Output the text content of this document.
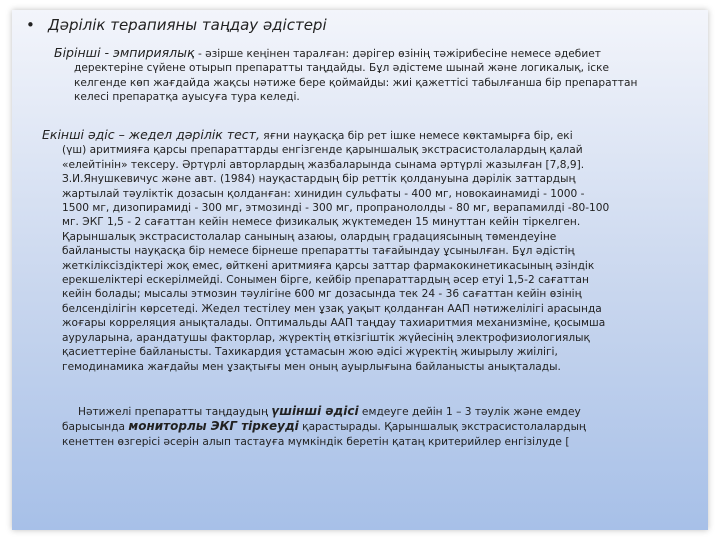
• Дәрілік терапияны таңдау әдістері
Бірінші - эмпириялық - әзірше кеңінен таралған: дәрігер өзінің тәжірибесіне немесе әдебиет
деректеріне сүйене отырып препаратты таңдайды. Бұл әдістеме шынай және логикалық, іске
келгенде көп жағдайда жақсы нәтиже бере қоймайды: жиі қажеттісі табылғанша бір препараттан
келесі препаратқа ауысуға тура келеді.
Екінші әдіс – жедел дәрілік тест, яғни науқасқа бір рет ішке немесе көктамырға бір, екі
(үш) аритмияға қарсы препараттарды енгізгенде қарыншалық экстрасистолалардың қалай
«елейтінін» тексеру. Әртүрлі авторлардың жазбаларында сынама әртүрлі жазылған [7,8,9].
З.И.Янушкевичус және авт. (1984) науқастардың бір реттік қолдануына дәрілік заттардың
жартылай тәуліктік дозасын қолданған: хинидин сульфаты - 400 мг, новокаинамиді - 1000 -
1500 мг, дизопирамиді - 300 мг, этмозинді - 300 мг, пропранололды - 80 мг, верапамилді -80-100
мг. ЭКГ 1,5 - 2 сағаттан кейін немесе физикалық жүктемеден 15 минуттан кейін тіркелген.
Қарыншалық экстрасистолалар санының азаюы, олардың градациясының төмендеуіне
байланысты науқасқа бір немесе бірнеше препаратты тағайындау ұсынылған. Бұл әдістің
жеткіліксіздіктері жоқ емес, өйткені аритмияға қарсы заттар фармакокинетикасының әзіндік
ерекшеліктері ескерілмейді. Сонымен бірге, кейбір препараттардың әсер етуі 1,5-2 сағаттан
кейін болады; мысалы этмозин тәулігіне 600 мг дозасында тек 24 - 36 сағаттан кейін өзінің
белсенділігін көрсетеді. Жедел тестілеу мен ұзақ уақыт қолданған ААП нәтижелілігі арасында
жоғары корреляция анықталады. Оптимальды ААП таңдау тахиаритмия механизміне, қосымша
ауруларына, арандатушы факторлар, жүректің өткізгіштік жүйесінің электрофизиологиялық
қасиеттеріне байланысты. Тахикардия ұстамасын жою әдісі жүректің жиырылу жиілігі,
гемодинамика жағдайы мен ұзақтығы мен оның ауырлығына байланысты анықталады.
Нәтижелі препаратты таңдаудың үшінші әдісі емдеуге дейін 1 – 3 тәулік және емдеу
барысында мониторлы ЭКГ тіркеуді қарастырады. Қарыншалық экстрасистолалардың
кенеттен өзгерісі әсерін алып тастауға мүмкіндік беретін қатаң критерийлер енгізілуде [
